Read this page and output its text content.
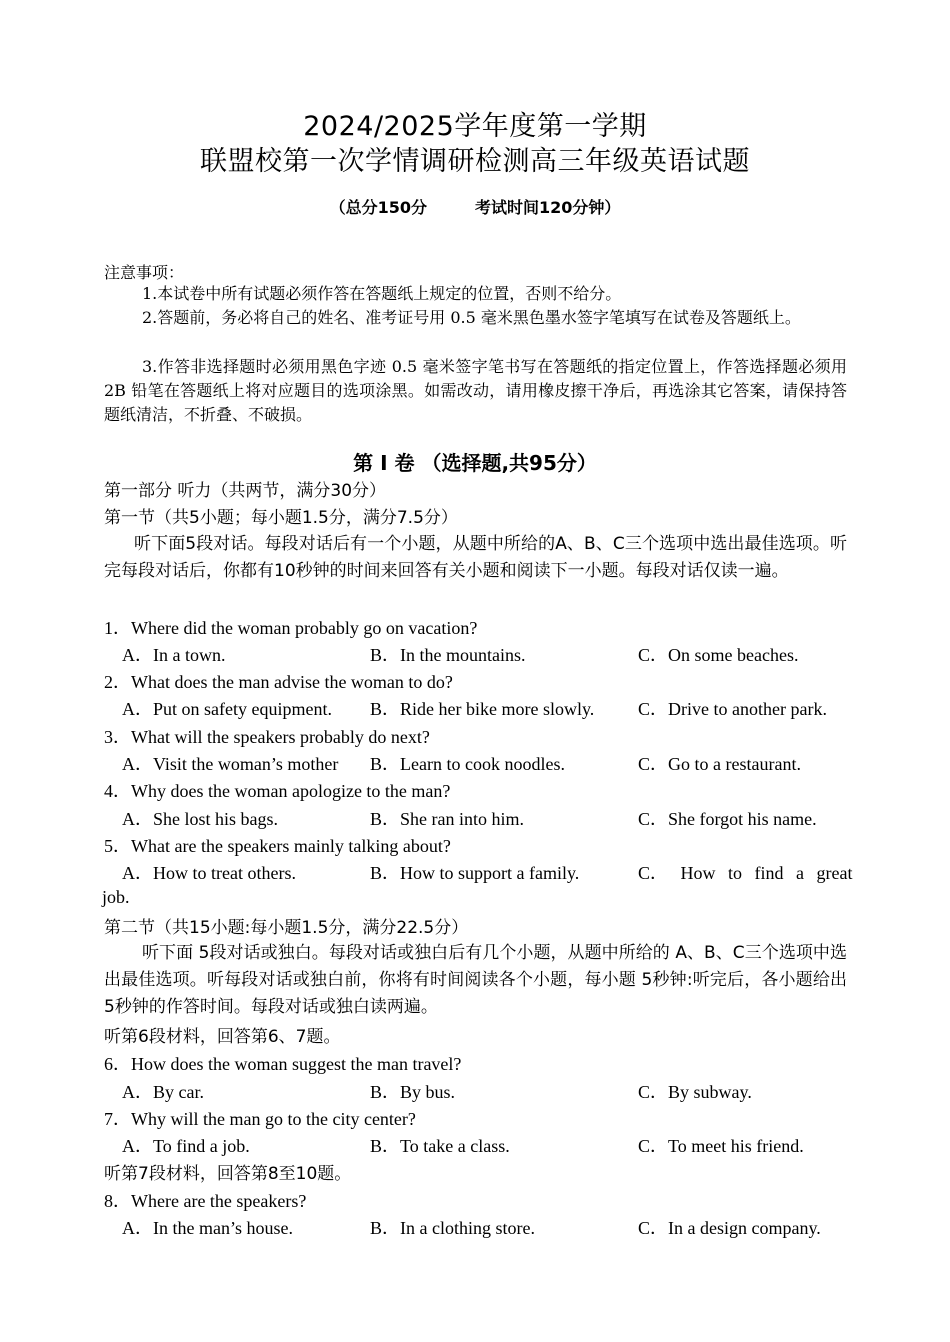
2024/2025学年度第一学期
联盟校第一次学情调研检测高三年级英语试题
（总分150分	考试时间120分钟）
注意事项：
1.本试卷中所有试题必须作答在答题纸上规定的位置，否则不给分。
2.答题前，务必将自己的姓名、准考证号用 0.5 毫米黑色墨水签字笔填写在试卷及答题纸上。
3.作答非选择题时必须用黑色字迹 0.5 毫米签字笔书写在答题纸的指定位置上，作答选择题必须用 2B 铅笔在答题纸上将对应题目的选项涂黑。如需改动，请用橡皮擦干净后，再选涂其它答案，请保持答题纸清洁，不折叠、不破损。
第 Ⅰ 卷 （选择题,共95分）
第一部分 听力（共两节，满分30分）
第一节（共5小题；每小题1.5分，满分7.5分）
听下面5段对话。每段对话后有一个小题，从题中所给的A、B、C三个选项中选出最佳选项。听完每段对话后，你都有10秒钟的时间来回答有关小题和阅读下一小题。每段对话仅读一遍。
1．Where did the woman probably go on vacation?
A．In a town.	B．In the mountains.	C．On some beaches.
2．What does the man advise the woman to do?
A．Put on safety equipment. B．Ride her bike more slowly. C．Drive to another park.
3．What will the speakers probably do next?
A．Visit the woman’s mother B．Learn to cook noodles.	C．Go to a restaurant.
4．Why does the woman apologize to the man?
A．She lost his bags.	B．She ran into him.	C．She forgot his name.
5．What are the speakers mainly talking about?
A．How to treat others.	B．How to support a family.	C． How to find a great
job.
第二节（共15小题:每小题1.5分，满分22.5分）
听下面 5段对话或独白。每段对话或独白后有几个小题，从题中所给的 A、B、C三个选项中选出最佳选项。听每段对话或独白前，你将有时间阅读各个小题，每小题 5秒钟:听完后，各小题给出5秒钟的作答时间。每段对话或独白读两遍。
听第6段材料，回答第6、7题。
6．How does the woman suggest the man travel?
A．By car.	B．By bus.	C．By subway.
7．Why will the man go to the city center?
A．To find a job.	B．To take a class.	C．To meet his friend.
听第7段材料，回答第8至10题。
8．Where are the speakers?
A．In the man’s house.	B．In a clothing store.	C．In a design company.
